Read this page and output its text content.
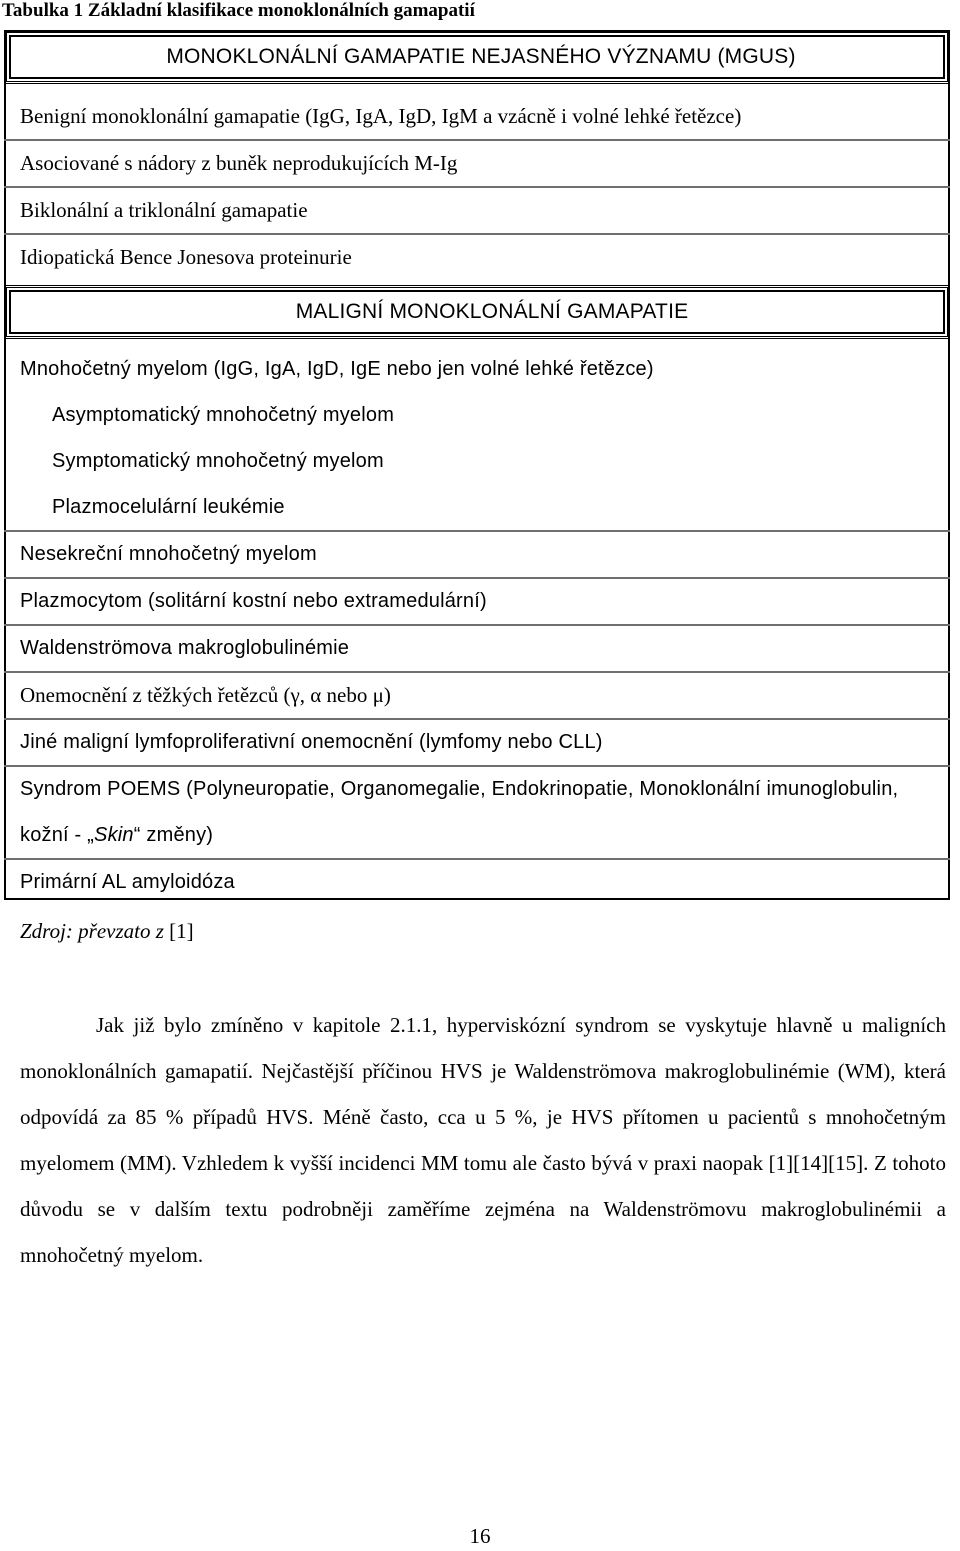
Tabulka 1 Základní klasifikace monoklonálních gamapatií
MONOKLONÁLNÍ GAMAPATIE NEJASNÉHO VÝZNAMU (MGUS)
Benigní monoklonální gamapatie (IgG, IgA, IgD, IgM a vzácně i volné lehké řetězce)
Asociované s nádory z buněk neprodukujících M-Ig
Biklonální a triklonální gamapatie
Idiopatická Bence Jonesova proteinurie
MALIGNÍ MONOKLONÁLNÍ GAMAPATIE
Mnohočetný myelom (IgG, IgA, IgD, IgE nebo jen volné lehké řetězce)
Asymptomatický mnohočetný myelom
Symptomatický mnohočetný myelom
Plazmocelulární leukémie
Nesekreční mnohočetný myelom
Plazmocytom (solitární kostní nebo extramedulární)
Waldenströmova makroglobulinémie
Onemocnění z těžkých řetězců (γ, α nebo μ)
Jiné maligní lymfoproliferativní onemocnění (lymfomy nebo CLL)
Syndrom POEMS (Polyneuropatie, Organomegalie, Endokrinopatie, Monoklonální imunoglobulin, kožní - „Skin“ změny)
Primární AL amyloidóza
Zdroj: převzato z [1]
Jak již bylo zmíněno v kapitole 2.1.1, hyperviskózní syndrom se vyskytuje hlavně u maligních monoklonálních gamapatií. Nejčastější příčinou HVS je Waldenströmova makroglobulinémie (WM), která odpovídá za 85 % případů HVS. Méně často, cca u 5 %, je HVS přítomen u pacientů s mnohočetným myelomem (MM). Vzhledem k vyšší incidenci MM tomu ale často bývá v praxi naopak [1][14][15]. Z tohoto důvodu se v dalším textu podrobněji zaměříme zejména na Waldenströmovu makroglobulinémii a mnohočetný myelom.
16
